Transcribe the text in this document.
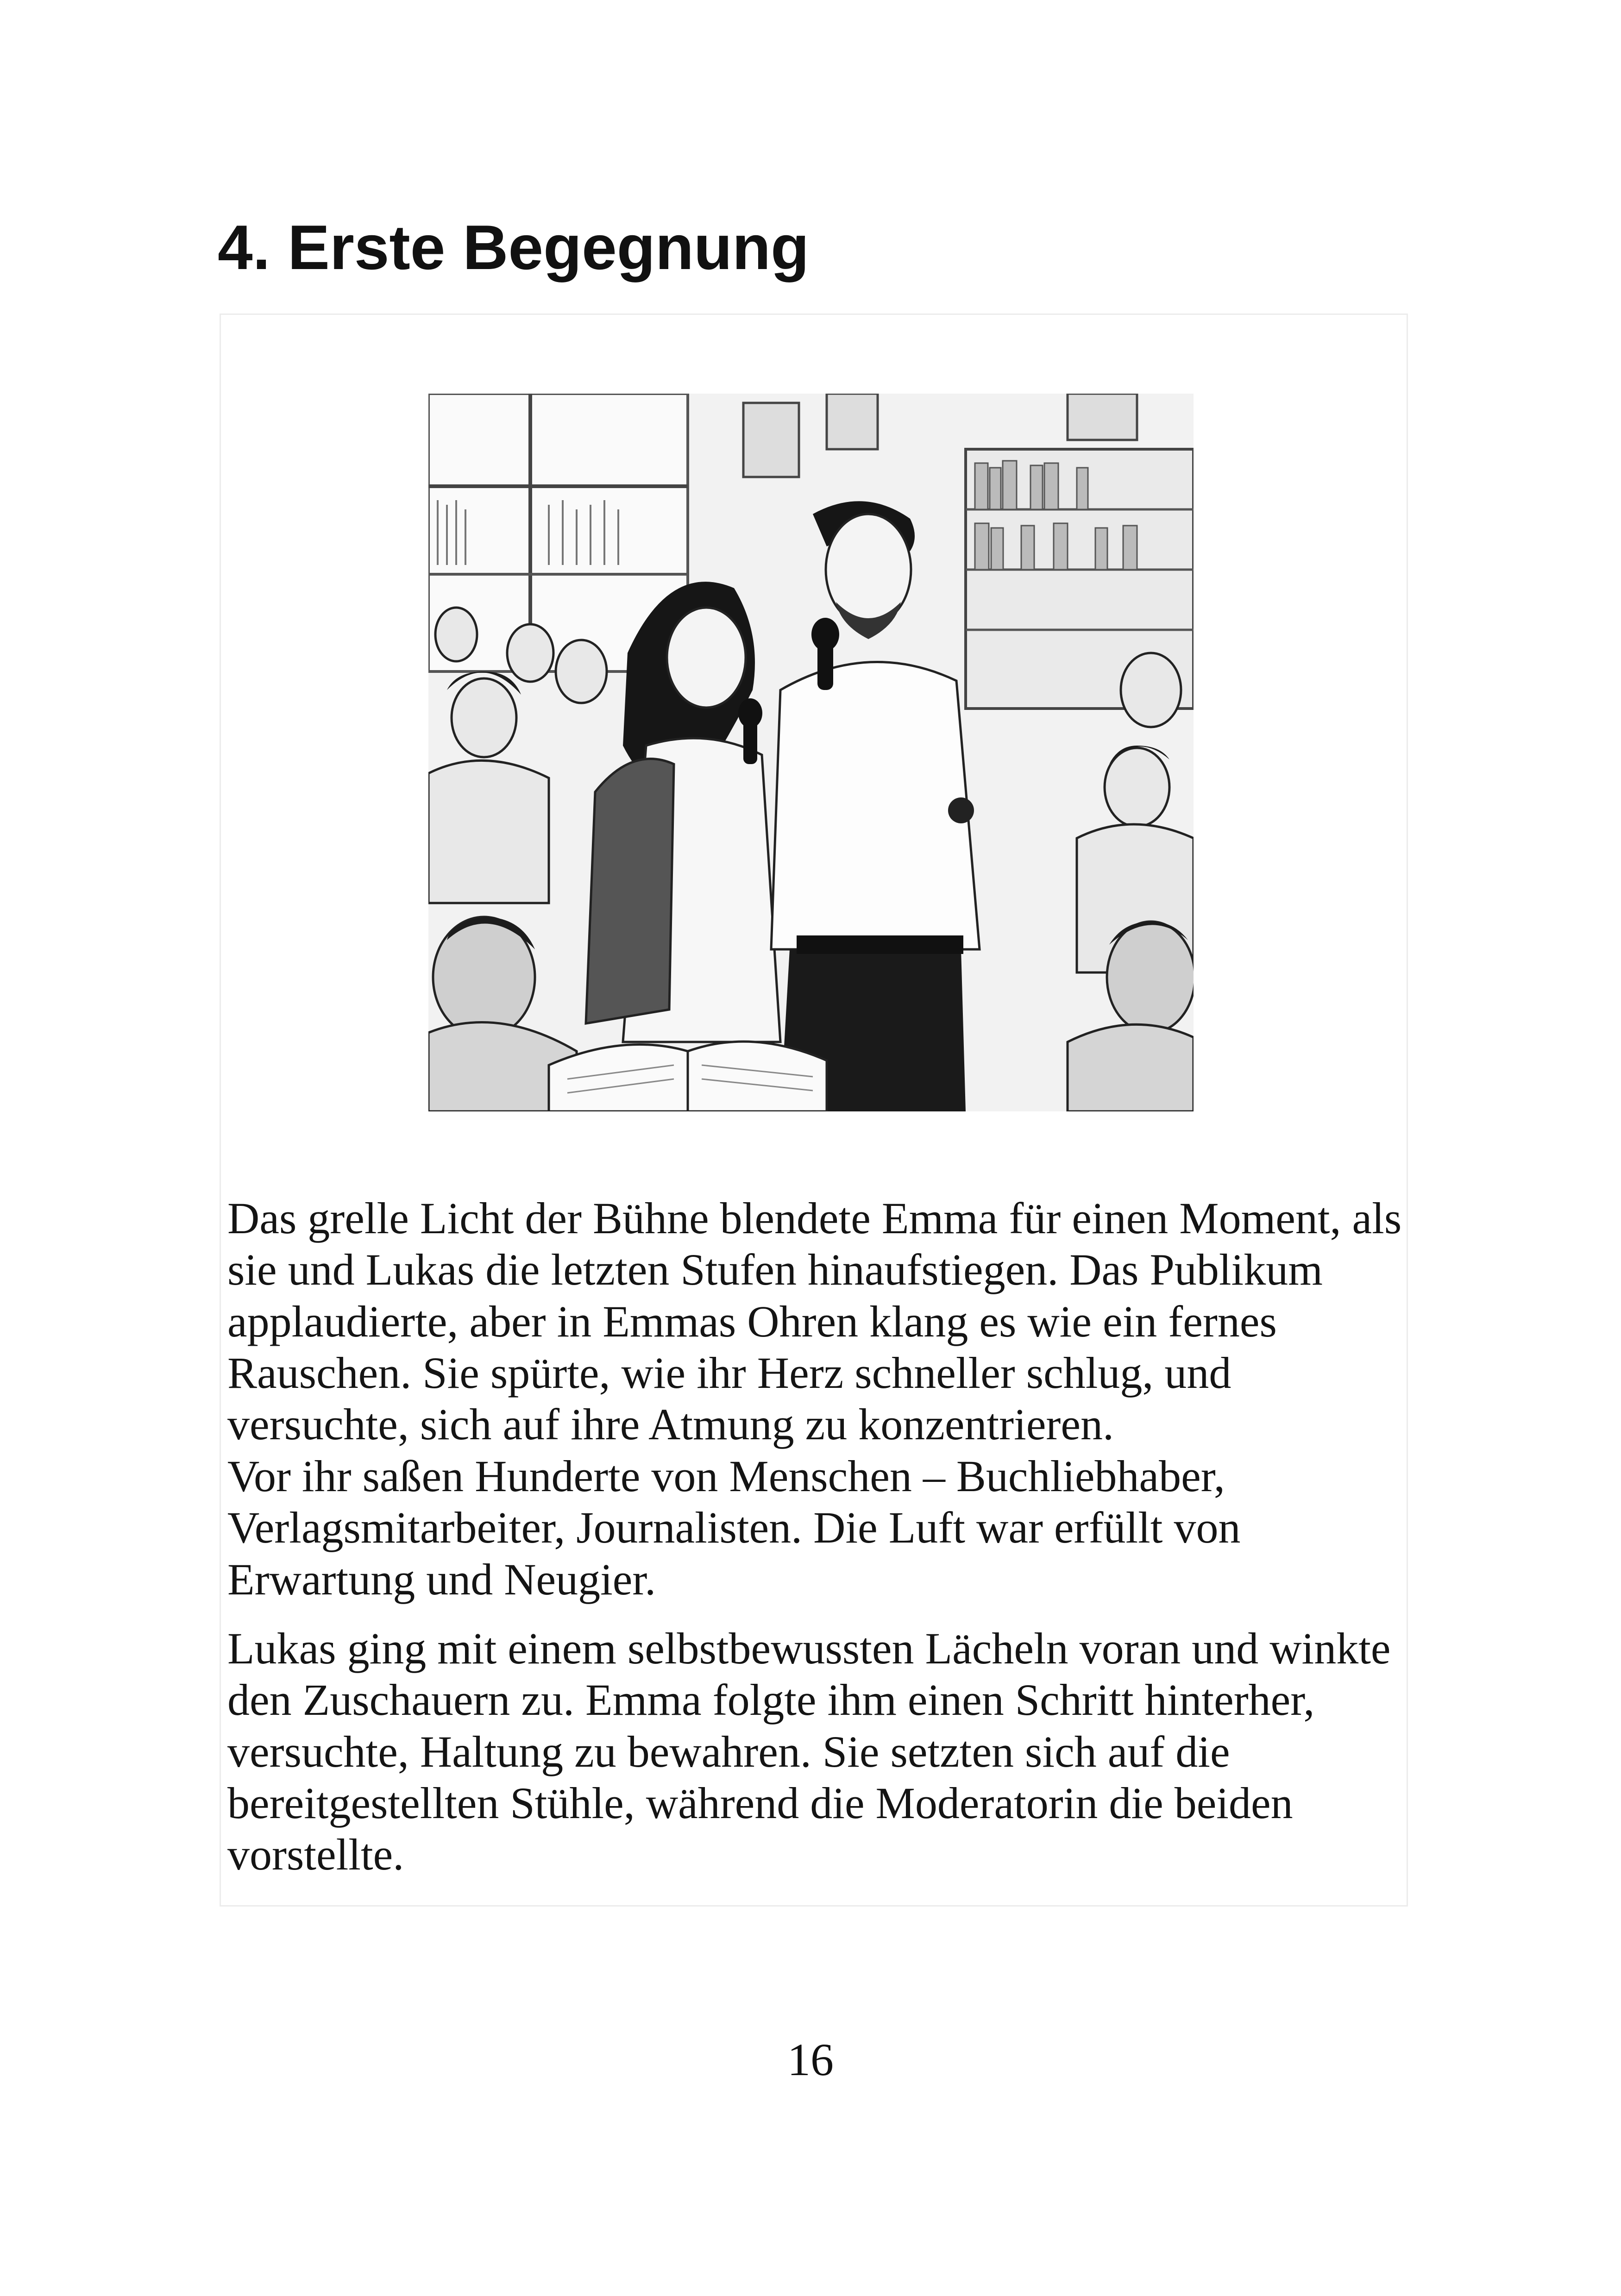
4. Erste Begegnung

Das grelle Licht der Bühne blendete Emma für einen Moment, als sie und Lukas die letzten Stufen hinaufstiegen. Das Publikum applaudierte, aber in Emmas Ohren klang es wie ein fernes Rauschen. Sie spürte, wie ihr Herz schneller schlug, und versuchte, sich auf ihre Atmung zu konzentrieren.

Vor ihr saßen Hunderte von Menschen – Buchliebhaber, Verlagsmitarbeiter, Journalisten. Die Luft war erfüllt von Erwartung und Neugier.

Lukas ging mit einem selbstbewussten Lächeln voran und winkte den Zuschauern zu. Emma folgte ihm einen Schritt hinterher, versuchte, Haltung zu bewahren. Sie setzten sich auf die bereitgestellten Stühle, während die Moderatorin die beiden vorstellte.

16
